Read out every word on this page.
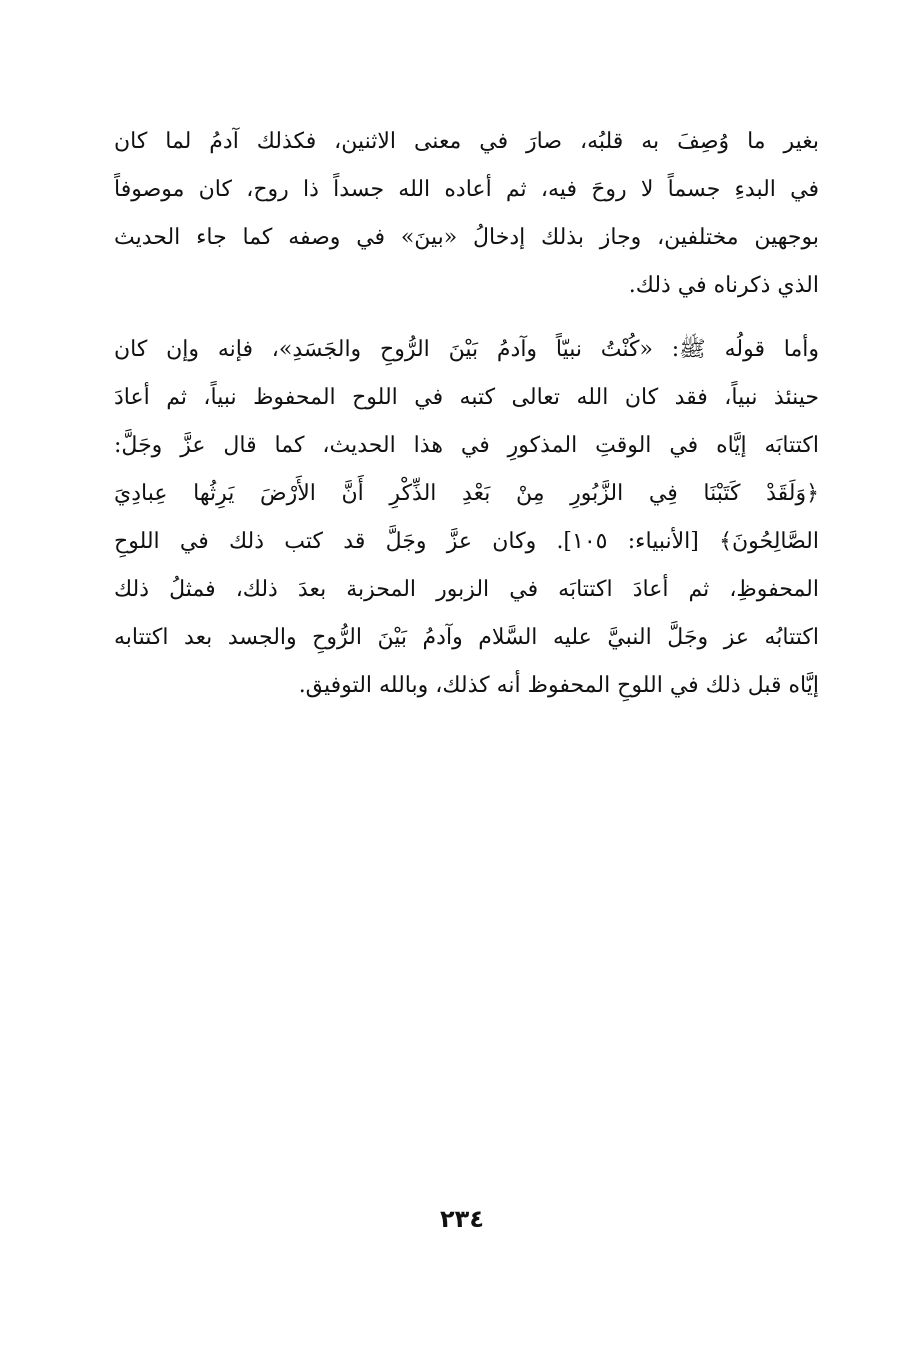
بغير ما وُصِفَ به قلبُه، صارَ في معنى الاثنين، فكذلك آدمُ لما كان
في البدءِ جسماً لا روحَ فيه، ثم أعاده الله جسداً ذا روح، كان موصوفاً
بوجهين مختلفين، وجاز بذلك إدخالُ «بينَ» في وصفه كما جاء الحديث
الذي ذكرناه في ذلك.
وأما قولُه ﷺ: «كُنْتُ نبيّاً وآدمُ بَيْنَ الرُّوحِ والجَسَدِ»، فإنه وإن كان
حينئذ نبياً، فقد كان الله تعالى كتبه في اللوح المحفوظ نبياً، ثم أعادَ
اكتتابَه إيَّاه في الوقتِ المذكورِ في هذا الحديث، كما قال عزَّ وجَلَّ:
﴿وَلَقَدْ كَتَبْنَا فِي الزَّبُورِ مِنْ بَعْدِ الذِّكْرِ أَنَّ الأَرْضَ يَرِثُها عِبادِيَ
الصَّالِحُونَ﴾ [الأنبياء: ١٠٥]. وكان عزَّ وجَلَّ قد كتب ذلك في اللوحِ
المحفوظِ، ثم أعادَ اكتتابَه في الزبور المحزبة بعدَ ذلك، فمثلُ ذلك
اكتتابُه عز وجَلَّ النبيَّ عليه السَّلام وآدمُ بَيْنَ الرُّوحِ والجسد بعد اكتتابه
إيَّاه قبل ذلك في اللوحِ المحفوظ أنه كذلك، وبالله التوفيق.
٢٣٤
